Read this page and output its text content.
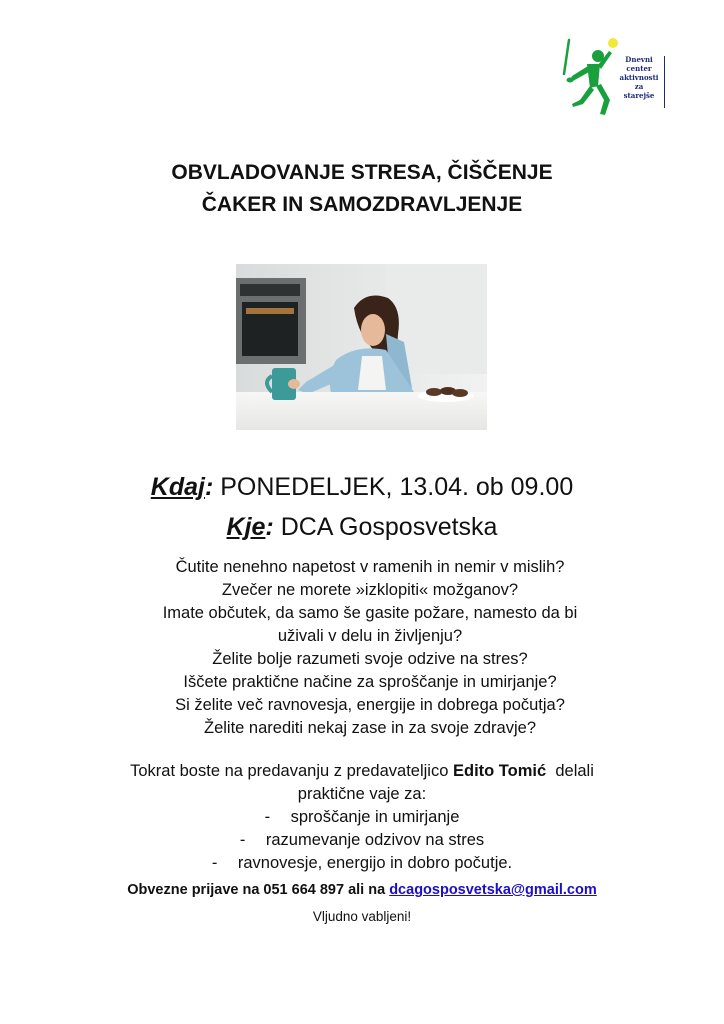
Dnevni
center
aktivnosti
za
starejše
OBVLADOVANJE STRESA, ČIŠČENJE
ČAKER IN SAMOZDRAVLJENJE
Kdaj: PONEDELJEK, 13.04. ob 09.00
Kje: DCA Gosposvetska
Čutite nenehno napetost v ramenih in nemir v mislih?
Zvečer ne morete »izklopiti« možganov?
Imate občutek, da samo še gasite požare, namesto da bi
uživali v delu in življenju?
Želite bolje razumeti svoje odzive na stres?
Iščete praktične načine za sproščanje in umirjanje?
Si želite več ravnovesja, energije in dobrega počutja?
Želite narediti nekaj zase in za svoje zdravje?
Tokrat boste na predavanju z predavateljico Edito Tomić  delali
praktične vaje za:
- sproščanje in umirjanje
- razumevanje odzivov na stres
- ravnovesje, energijo in dobro počutje.
Obvezne prijave na 051 664 897 ali na dcagosposvetska@gmail.com
Vljudno vabljeni!
